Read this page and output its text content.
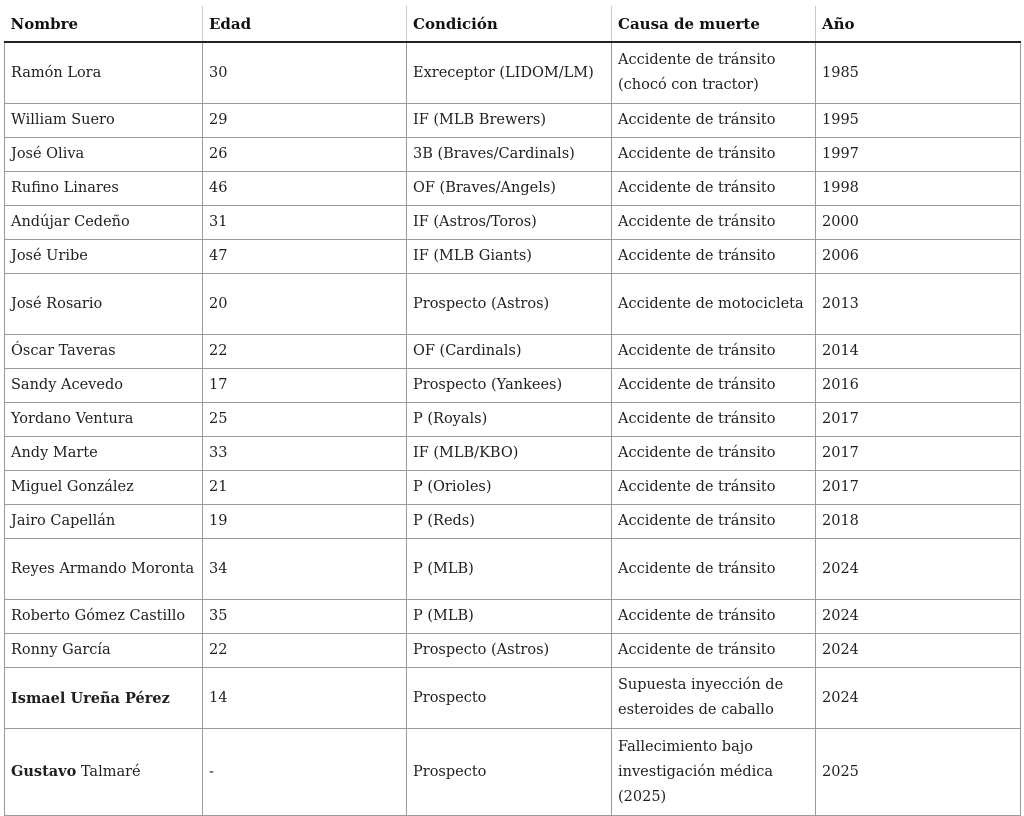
Nombre	Edad	Condición	Causa de muerte	Año
Ramón Lora	30	Exreceptor (LIDOM/LM)	Accidente de tránsito (chocó con tractor)	1985
William Suero	29	IF (MLB Brewers)	Accidente de tránsito	1995
José Oliva	26	3B (Braves/Cardinals)	Accidente de tránsito	1997
Rufino Linares	46	OF (Braves/Angels)	Accidente de tránsito	1998
Andújar Cedeño	31	IF (Astros/Toros)	Accidente de tránsito	2000
José Uribe	47	IF (MLB Giants)	Accidente de tránsito	2006
José Rosario	20	Prospecto (Astros)	Accidente de motocicleta	2013
Óscar Taveras	22	OF (Cardinals)	Accidente de tránsito	2014
Sandy Acevedo	17	Prospecto (Yankees)	Accidente de tránsito	2016
Yordano Ventura	25	P (Royals)	Accidente de tránsito	2017
Andy Marte	33	IF (MLB/KBO)	Accidente de tránsito	2017
Miguel González	21	P (Orioles)	Accidente de tránsito	2017
Jairo Capellán	19	P (Reds)	Accidente de tránsito	2018
Reyes Armando Moronta	34	P (MLB)	Accidente de tránsito	2024
Roberto Gómez Castillo	35	P (MLB)	Accidente de tránsito	2024
Ronny García	22	Prospecto (Astros)	Accidente de tránsito	2024
Ismael Ureña Pérez	14	Prospecto	Supuesta inyección de esteroides de caballo	2024
Gustavo Talmaré	-	Prospecto	Fallecimiento bajo investigación médica (2025)	2025
